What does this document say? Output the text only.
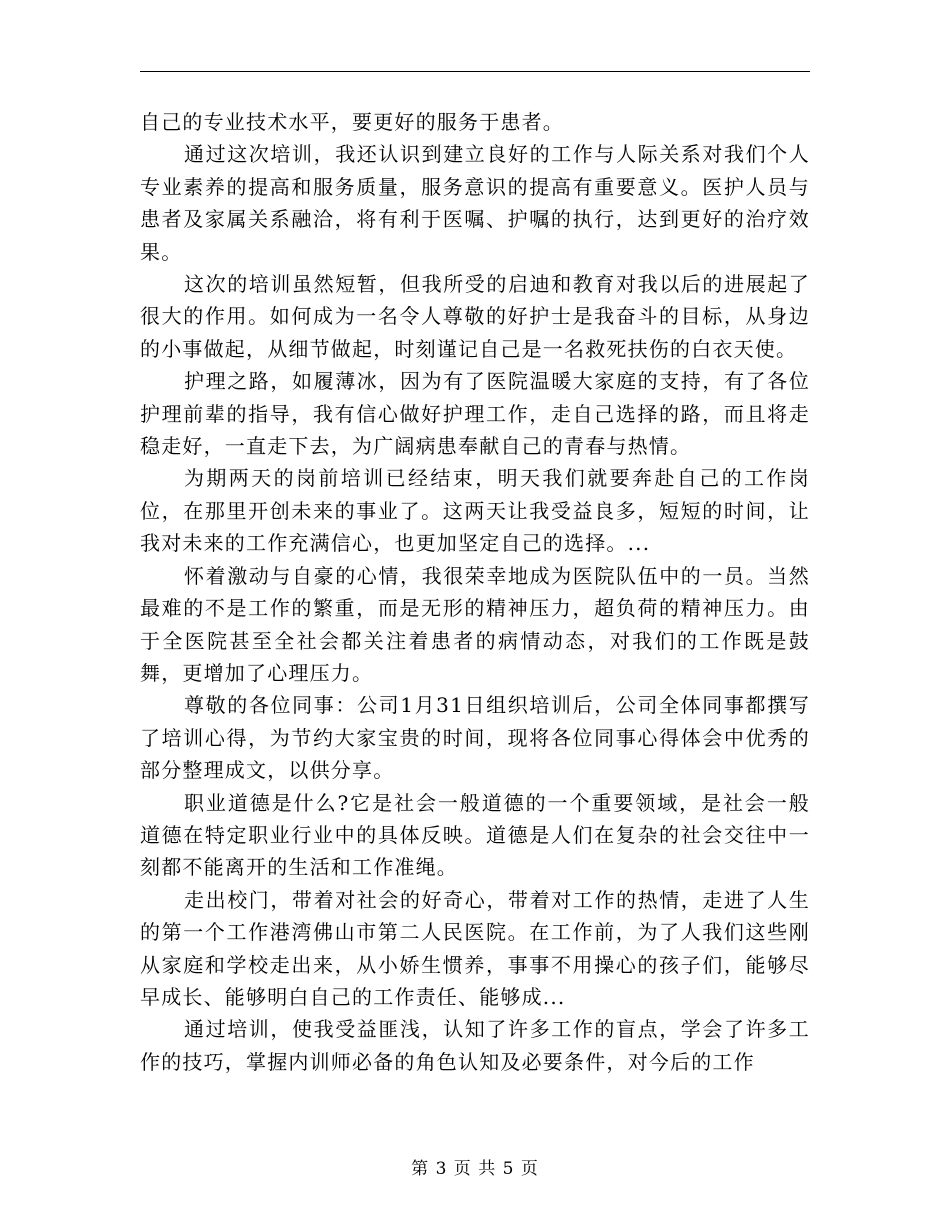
自己的专业技术水平，要更好的服务于患者。

通过这次培训，我还认识到建立良好的工作与人际关系对我们个人专业素养的提高和服务质量，服务意识的提高有重要意义。医护人员与患者及家属关系融洽，将有利于医嘱、护嘱的执行，达到更好的治疗效果。

这次的培训虽然短暂，但我所受的启迪和教育对我以后的进展起了很大的作用。如何成为一名令人尊敬的好护士是我奋斗的目标，从身边的小事做起，从细节做起，时刻谨记自己是一名救死扶伤的白衣天使。

护理之路，如履薄冰，因为有了医院温暖大家庭的支持，有了各位护理前辈的指导，我有信心做好护理工作，走自己选择的路，而且将走稳走好，一直走下去，为广阔病患奉献自己的青春与热情。

为期两天的岗前培训已经结束，明天我们就要奔赴自己的工作岗位，在那里开创未来的事业了。这两天让我受益良多，短短的时间，让我对未来的工作充满信心，也更加坚定自己的选择。...

怀着激动与自豪的心情，我很荣幸地成为医院队伍中的一员。当然最难的不是工作的繁重，而是无形的精神压力，超负荷的精神压力。由于全医院甚至全社会都关注着患者的病情动态，对我们的工作既是鼓舞，更增加了心理压力。

尊敬的各位同事：公司1月31日组织培训后，公司全体同事都撰写了培训心得，为节约大家宝贵的时间，现将各位同事心得体会中优秀的部分整理成文，以供分享。

职业道德是什么?它是社会一般道德的一个重要领域，是社会一般道德在特定职业行业中的具体反映。道德是人们在复杂的社会交往中一刻都不能离开的生活和工作准绳。

走出校门，带着对社会的好奇心，带着对工作的热情，走进了人生的第一个工作港湾佛山市第二人民医院。在工作前，为了人我们这些刚从家庭和学校走出来，从小娇生惯养，事事不用操心的孩子们，能够尽早成长、能够明白自己的工作责任、能够成...

通过培训，使我受益匪浅，认知了许多工作的盲点，学会了许多工作的技巧，掌握内训师必备的角色认知及必要条件，对今后的工作

第 3 页 共 5 页
